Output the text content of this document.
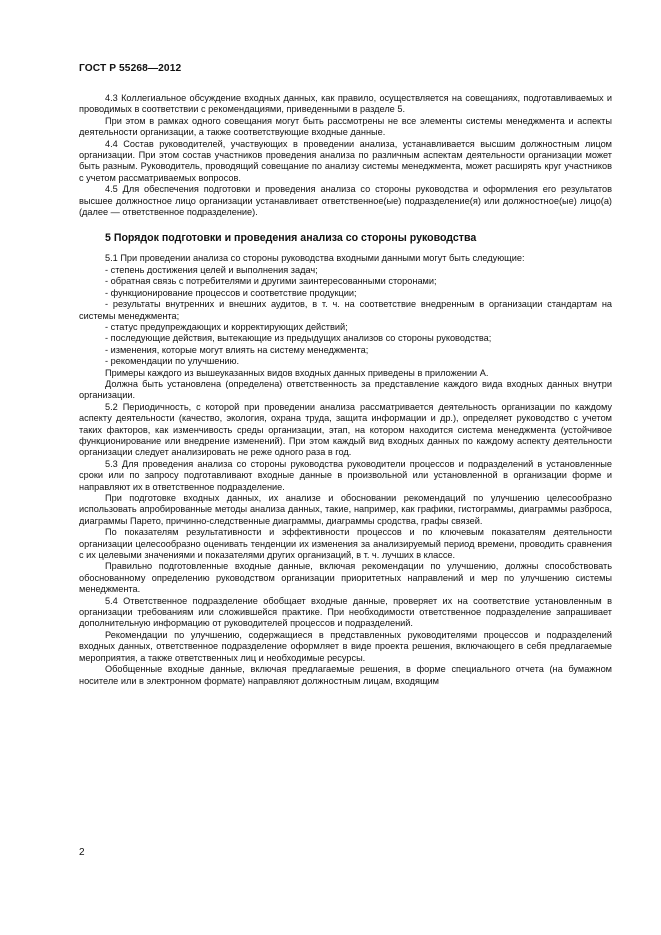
ГОСТ Р 55268—2012

4.3 Коллегиальное обсуждение входных данных, как правило, осуществляется на совещаниях, подготавливаемых и проводимых в соответствии с рекомендациями, приведенными в разделе 5.

При этом в рамках одного совещания могут быть рассмотрены не все элементы системы менеджмента и аспекты деятельности организации, а также соответствующие входные данные.

4.4 Состав руководителей, участвующих в проведении анализа, устанавливается высшим должностным лицом организации. При этом состав участников проведения анализа по различным аспектам деятельности организации может быть разным. Руководитель, проводящий совещание по анализу системы менеджмента, может расширять круг участников с учетом рассматриваемых вопросов.

4.5 Для обеспечения подготовки и проведения анализа со стороны руководства и оформления его результатов высшее должностное лицо организации устанавливает ответственное(ые) подразделение(я) или должностное(ые) лицо(а) (далее — ответственное подразделение).

5 Порядок подготовки и проведения анализа со стороны руководства

5.1 При проведении анализа со стороны руководства входными данными могут быть следующие:

- степень достижения целей и выполнения задач;

- обратная связь с потребителями и другими заинтересованными сторонами;

- функционирование процессов и соответствие продукции;

- результаты внутренних и внешних аудитов, в т. ч. на соответствие внедренным в организации стандартам на системы менеджмента;

- статус предупреждающих и корректирующих действий;

- последующие действия, вытекающие из предыдущих анализов со стороны руководства;

- изменения, которые могут влиять на систему менеджмента;

- рекомендации по улучшению.

Примеры каждого из вышеуказанных видов входных данных приведены в приложении А.

Должна быть установлена (определена) ответственность за представление каждого вида входных данных внутри организации.

5.2 Периодичность, с которой при проведении анализа рассматривается деятельность организации по каждому аспекту деятельности (качество, экология, охрана труда, защита информации и др.), определяет руководство с учетом таких факторов, как изменчивость среды организации, этап, на котором находится система менеджмента (устойчивое функционирование или внедрение изменений). При этом каждый вид входных данных по каждому аспекту деятельности организации следует анализировать не реже одного раза в год.

5.3 Для проведения анализа со стороны руководства руководители процессов и подразделений в установленные сроки или по запросу подготавливают входные данные в произвольной или установленной в организации форме и направляют их в ответственное подразделение.

При подготовке входных данных, их анализе и обосновании рекомендаций по улучшению целесообразно использовать апробированные методы анализа данных, такие, например, как графики, гистограммы, диаграммы разброса, диаграммы Парето, причинно-следственные диаграммы, диаграммы сродства, графы связей.

По показателям результативности и эффективности процессов и по ключевым показателям деятельности организации целесообразно оценивать тенденции их изменения за анализируемый период времени, проводить сравнения с их целевыми значениями и показателями других организаций, в т. ч. лучших в классе.

Правильно подготовленные входные данные, включая рекомендации по улучшению, должны способствовать обоснованному определению руководством организации приоритетных направлений и мер по улучшению системы менеджмента.

5.4 Ответственное подразделение обобщает входные данные, проверяет их на соответствие установленным в организации требованиям или сложившейся практике. При необходимости ответственное подразделение запрашивает дополнительную информацию от руководителей процессов и подразделений.

Рекомендации по улучшению, содержащиеся в представленных руководителями процессов и подразделений входных данных, ответственное подразделение оформляет в виде проекта решения, включающего в себя предлагаемые мероприятия, а также ответственных лиц и необходимые ресурсы.

Обобщенные входные данные, включая предлагаемые решения, в форме специального отчета (на бумажном носителе или в электронном формате) направляют должностным лицам, входящим

2
